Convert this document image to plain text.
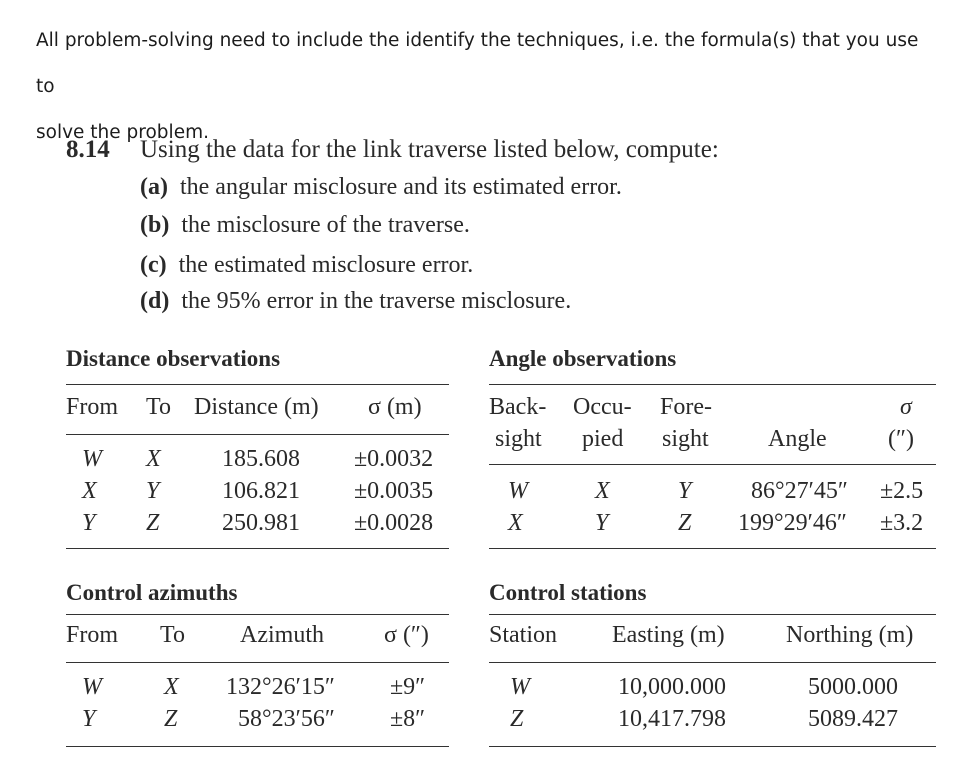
All problem-solving need to include the identify the techniques, i.e. the formula(s) that you use to
solve the problem.
8.14 Using the data for the link traverse listed below, compute:
(a) the angular misclosure and its estimated error.
(b) the misclosure of the traverse.
(c) the estimated misclosure error.
(d) the 95% error in the traverse misclosure.
Distance observations
From To Distance (m) σ (m)
W X	185.608 ±0.0032
X Y	106.821 ±0.0035
Y Z	250.981 ±0.0028
Angle observations
Back- Occu- Fore-	σ
sight pied sight Angle	(″)
W	X	Y 86°27′45″ ±2.5
X	Y	Z 199°29′46″ ±3.2
Control azimuths
From To Azimuth	σ (″)
W	X 132°26′15″ ±9″
Y	Z	58°23′56″ ±8″
Control stations
Station Easting (m)	Northing (m)
W	10,000.000	5000.000
Z	10,417.798	5089.427
